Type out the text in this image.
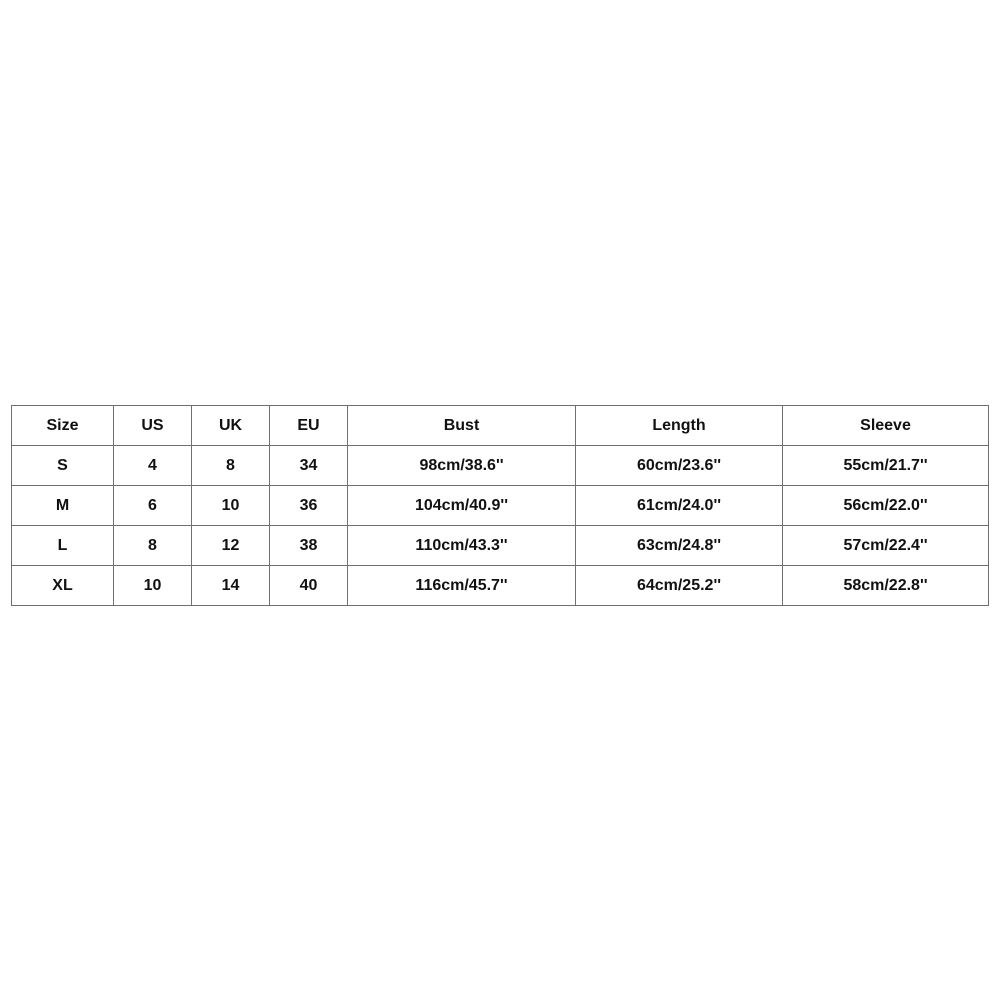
Size	US	UK	EU	Bust	Length	Sleeve
S	4	8	34	98cm/38.6''	60cm/23.6''	55cm/21.7''
M	6	10	36	104cm/40.9''	61cm/24.0''	56cm/22.0''
L	8	12	38	110cm/43.3''	63cm/24.8''	57cm/22.4''
XL	10	14	40	116cm/45.7''	64cm/25.2''	58cm/22.8''
